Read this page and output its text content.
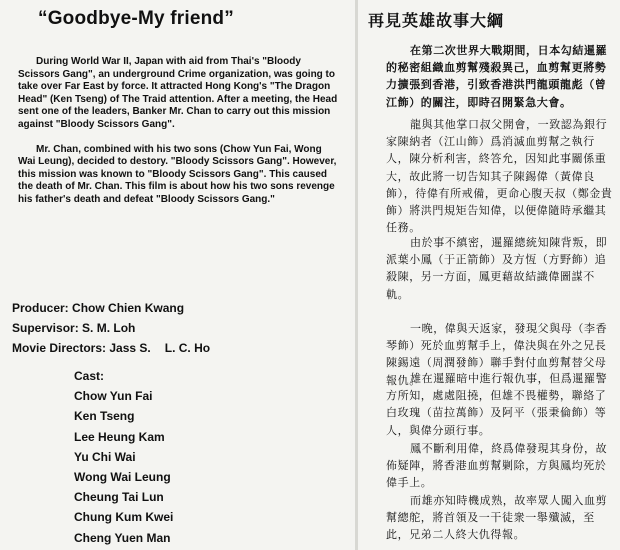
“Goodbye-My friend”

During World War II, Japan with aid from Thai's "Bloody Scissors Gang", an underground Crime organization, was going to take over Far East by force. It attracted Hong Kong's "The Dragon Head" (Ken Tseng) of The Traid attention. After a meeting, the Head sent one of the leaders, Banker Mr. Chan to carry out this mission against "Bloody Scissors Gang".

Mr. Chan, combined with his two sons (Chow Yun Fai, Wong Wai Leung), decided to destory. "Bloody Scissors Gang". However, this mission was known to "Bloody Scissors Gang". This caused the death of Mr. Chan. This film is about how his two sons revenge his father's death and defeat "Bloody Scissors Gang."

Producer: Chow Chien Kwang
Supervisor: S. M. Loh
Movie Directors: Jass S. L. C. Ho
Cast:
Chow Yun Fai
Ken Tseng
Lee Heung Kam
Yu Chi Wai
Wong Wai Leung
Cheung Tai Lun
Chung Kum Kwei
Cheng Yuen Man
再見英雄故事大綱
在第二次世界大戰期間，日本勾結暹羅的秘密組織血剪幫殘殺異己，血剪幫更將勢力擴張到香港，引致香港洪門龍頭龍彪（曾江飾）的關注，即時召開緊急大會。
龍與其他掌口叔父開會，一致認為銀行家陳納者（江山飾）爲消滅血剪幫之執行人，陳分析利害，終答允，因知此事關係重大，故此將一切告知其子陳錫偉（黃偉良飾），待偉有所戒備，更命心腹天叔（鄭金貴飾）將洪門規矩告知偉，以便偉隨時承繼其任務。
由於事不縝密，暹羅總統知陳背叛，即派葉小鳳（于正箭飾）及方恆（方野飾）追殺陳，另一方面，鳳更藉故結識偉圖謀不軌。
一晚，偉與天返家，發現父與母（李香琴飾）死於血剪幫手上，偉決與在外之兄長陳錫遠（周潤發飾）聯手對付血剪幫替父母報仇。
雄在暹羅暗中進行報仇事，但爲暹羅警方所知，處處阻撓，但雄不畏權勢，聯絡了白玫瑰（苗拉萬飾）及阿平（張秉倫飾）等人，與偉分頭行事。
鳳不斷利用偉，終爲偉發現其身份，故佈疑陣，將香港血剪幫剿除，方與鳳均死於偉手上。
而雄亦知時機成熟，故率眾人闖入血剪幫總舵，將首領及一干徒衆一舉殲滅，至此，兄弟二人終大仇得報。
